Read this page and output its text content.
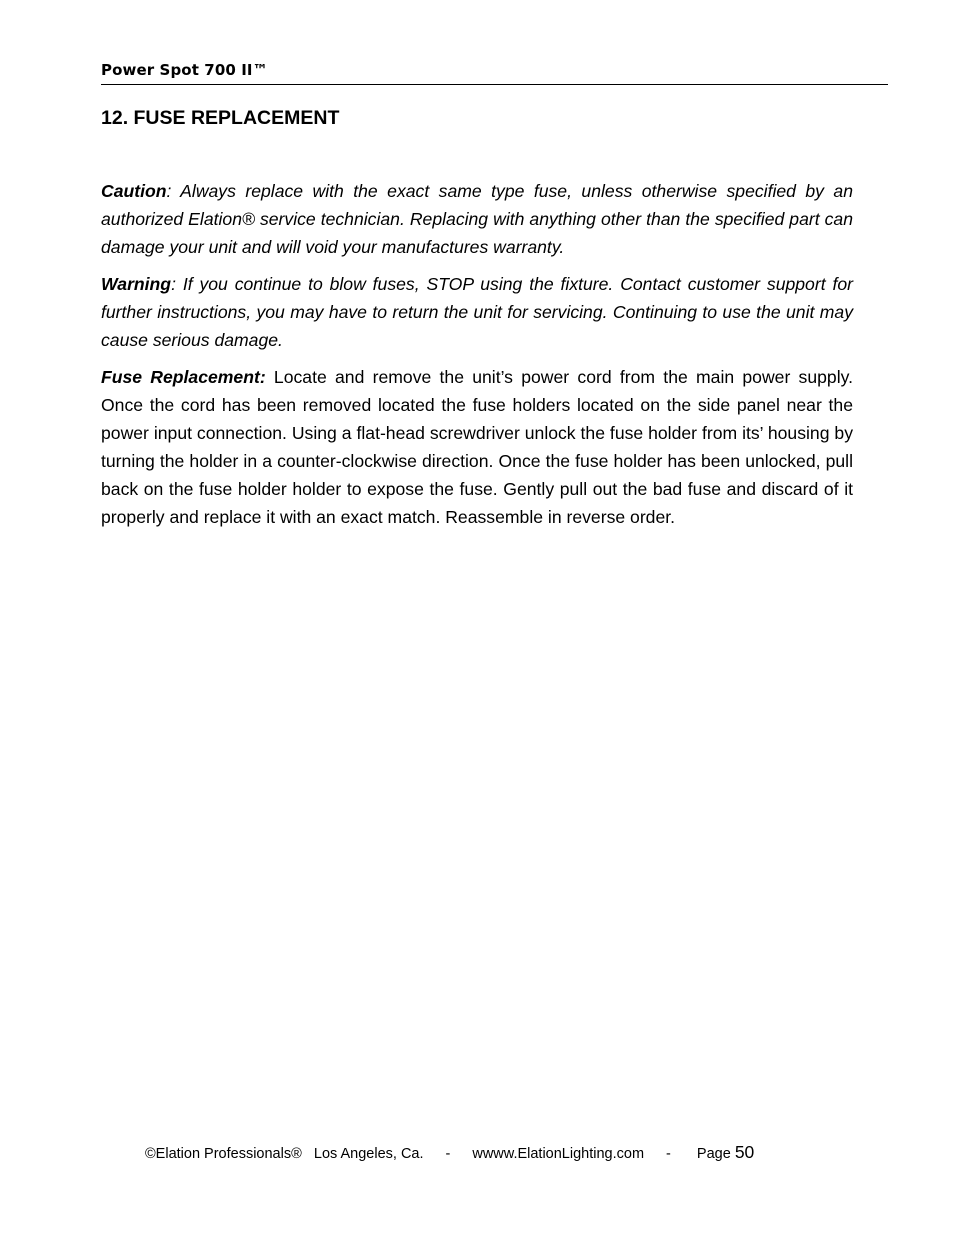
Power Spot 700 II™
12. FUSE REPLACEMENT

Caution: Always replace with the exact same type fuse, unless otherwise specified by an authorized Elation® service technician. Replacing with anything other than the specified part can damage your unit and will void your manufactures warranty.

Warning: If you continue to blow fuses, STOP using the fixture. Contact customer support for further instructions, you may have to return the unit for servicing. Continuing to use the unit may cause serious damage.

Fuse Replacement: Locate and remove the unit’s power cord from the main power supply. Once the cord has been removed located the fuse holders located on the side panel near the power input connection. Using a flat-head screwdriver unlock the fuse holder from its’ housing by turning the holder in a counter-clockwise direction. Once the fuse holder has been unlocked, pull back on the fuse holder holder to expose the fuse. Gently pull out the bad fuse and discard of it properly and replace it with an exact match. Reassemble in reverse order.

©Elation Professionals® Los Angeles, Ca. - wwww.ElationLighting.com - Page 50
